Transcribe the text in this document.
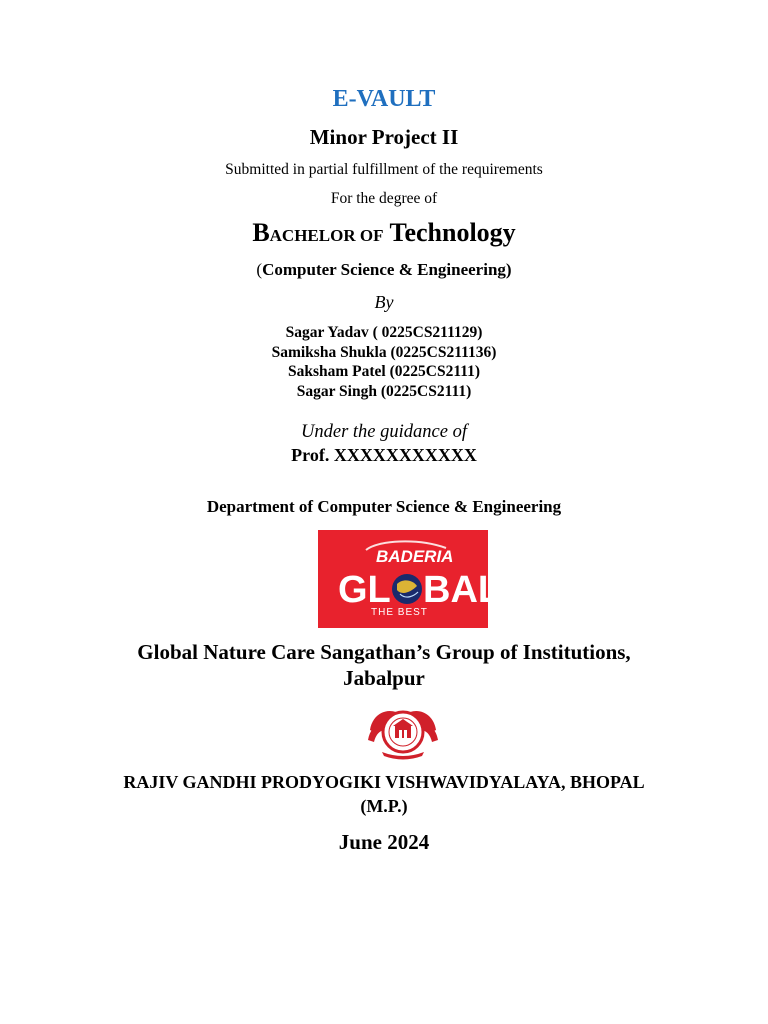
E-VAULT
Minor Project II
Submitted in partial fulfillment of the requirements
For the degree of
BACHELOR OF Technology
(Computer Science & Engineering)
By
Sagar Yadav ( 0225CS211129)
Samiksha Shukla (0225CS211136)
Saksham Patel (0225CS2111)
Sagar Singh (0225CS2111)
Under the guidance of
Prof. XXXXXXXXXXX
Department of Computer Science & Engineering
BADERIA
GL BAL
THE BEST
Global Nature Care Sangathan’s Group of Institutions,
Jabalpur
RAJIV GANDHI PRODYOGIKI VISHWAVIDYALAYA, BHOPAL
(M.P.)
June 2024
